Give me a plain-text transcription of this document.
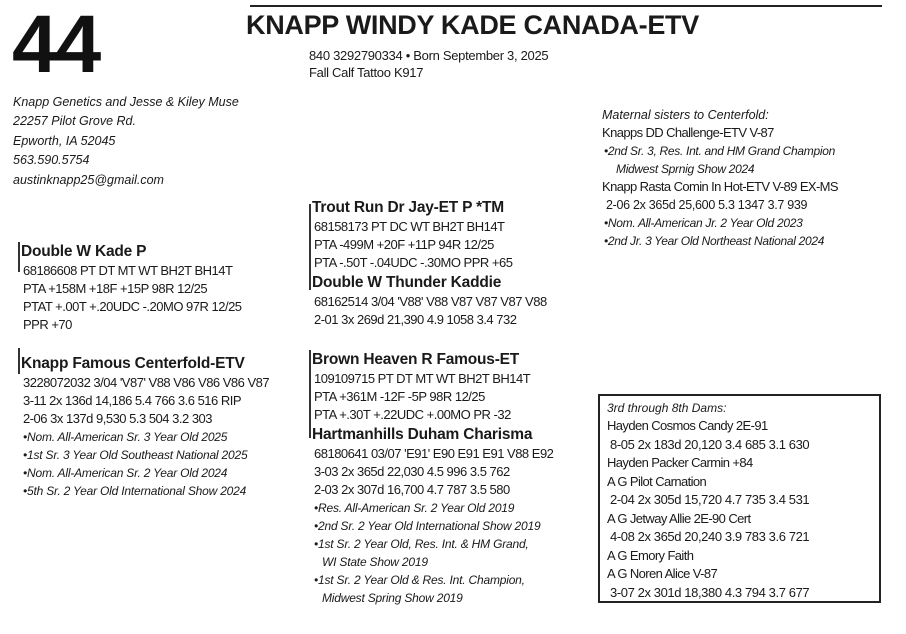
44	KNAPP WINDY KADE CANADA-ETV
840 3292790334 • Born September 3, 2025
Fall Calf Tattoo K917
Knapp Genetics and Jesse & Kiley Muse
22257 Pilot Grove Rd.
Epworth, IA 52045
563.590.5754
austinknapp25@gmail.com
Double W Kade P
68186608 PT DT MT WT BH2T BH14T
PTA +158M +18F +15P 98R 12/25
PTAT +.00T +.20UDC -.20MO 97R 12/25
PPR +70
Knapp Famous Centerfold-ETV
3228072032 3/04 'V87' V88 V86 V86 V86 V87
3-11 2x 136d 14,186 5.4 766 3.6 516 RIP
2-06 3x 137d 9,530 5.3 504 3.2 303
•Nom. All-American Sr. 3 Year Old 2025
•1st Sr. 3 Year Old Southeast National 2025
•Nom. All-American Sr. 2 Year Old 2024
•5th Sr. 2 Year Old International Show 2024
Trout Run Dr Jay-ET P *TM
68158173 PT DC WT BH2T BH14T
PTA -499M +20F +11P 94R 12/25
PTA -.50T -.04UDC -.30MO PPR +65
Double W Thunder Kaddie
68162514 3/04 'V88' V88 V87 V87 V87 V88
2-01 3x 269d 21,390 4.9 1058 3.4 732
Brown Heaven R Famous-ET
109109715 PT DT MT WT BH2T BH14T
PTA +361M -12F -5P 98R 12/25
PTA +.30T +.22UDC +.00MO PR -32
Hartmanhills Duham Charisma
68180641 03/07 'E91' E90 E91 E91 V88 E92
3-03 2x 365d 22,030 4.5 996 3.5 762
2-03 2x 307d 16,700 4.7 787 3.5 580
•Res. All-American Sr. 2 Year Old 2019
•2nd Sr. 2 Year Old International Show 2019
•1st Sr. 2 Year Old, Res. Int. & HM Grand,
WI State Show 2019
•1st Sr. 2 Year Old & Res. Int. Champion,
Midwest Spring Show 2019
Maternal sisters to Centerfold:
Knapps DD Challenge-ETV V-87
•2nd Sr. 3, Res. Int. and HM Grand Champion
Midwest Sprnig Show 2024
Knapp Rasta Comin In Hot-ETV V-89 EX-MS
2-06 2x 365d 25,600 5.3 1347 3.7 939
•Nom. All-American Jr. 2 Year Old 2023
•2nd Jr. 3 Year Old Northeast National 2024
3rd through 8th Dams:
Hayden Cosmos Candy 2E-91
8-05 2x 183d 20,120 3.4 685 3.1 630
Hayden Packer Carmin +84
A G Pilot Carnation
2-04 2x 305d 15,720 4.7 735 3.4 531
A G Jetway Allie 2E-90 Cert
4-08 2x 365d 20,240 3.9 783 3.6 721
A G Emory Faith
A G Noren Alice V-87
3-07 2x 301d 18,380 4.3 794 3.7 677
